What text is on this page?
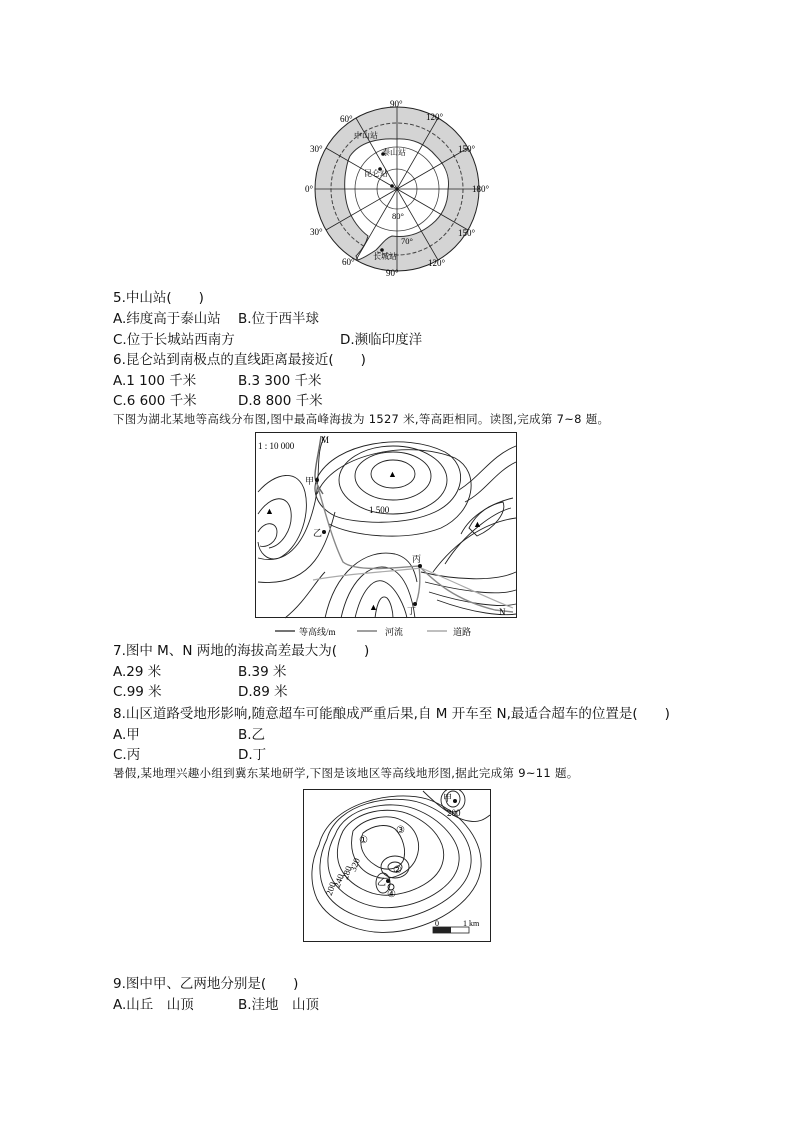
90°
120°
150°
180°
150°
120°
90°
60°
30°
0°
30°
60°
80°
70°
中山站
泰山站
昆仑站
长城站
5.中山站(　　)
A.纬度高于泰山站 B.位于西半球
C.位于长城站西南方	D.濒临印度洋
6.昆仑站到南极点的直线距离最接近(　　)
A.1 100 千米	B.3 300 千米
C.6 600 千米	D.8 800 千米
下图为湖北某地等高线分布图,图中最高峰海拔为 1527 米,等高距相同。读图,完成第 7~8 题。
1 : 10 000
1 500
M
N
甲
乙
丙
丁
▲
▲
▲
▲
等高线/m	河流	道路
7.图中 M、N 两地的海拔高差最大为(　　)
A.29 米	B.39 米
C.99 米	D.89 米
8.山区道路受地形影响,随意超车可能酿成严重后果,自 M 开车至 N,最适合超车的位置是(　　)
A.甲	B.乙
C.丙	D.丁
暑假,某地理兴趣小组到冀东某地研学,下图是该地区等高线地形图,据此完成第 9~11 题。
甲
乙
①
②
③
④
200
320
280
240
200
0	1 km
9.图中甲、乙两地分别是(　　)
A.山丘　山顶	B.洼地　山顶
